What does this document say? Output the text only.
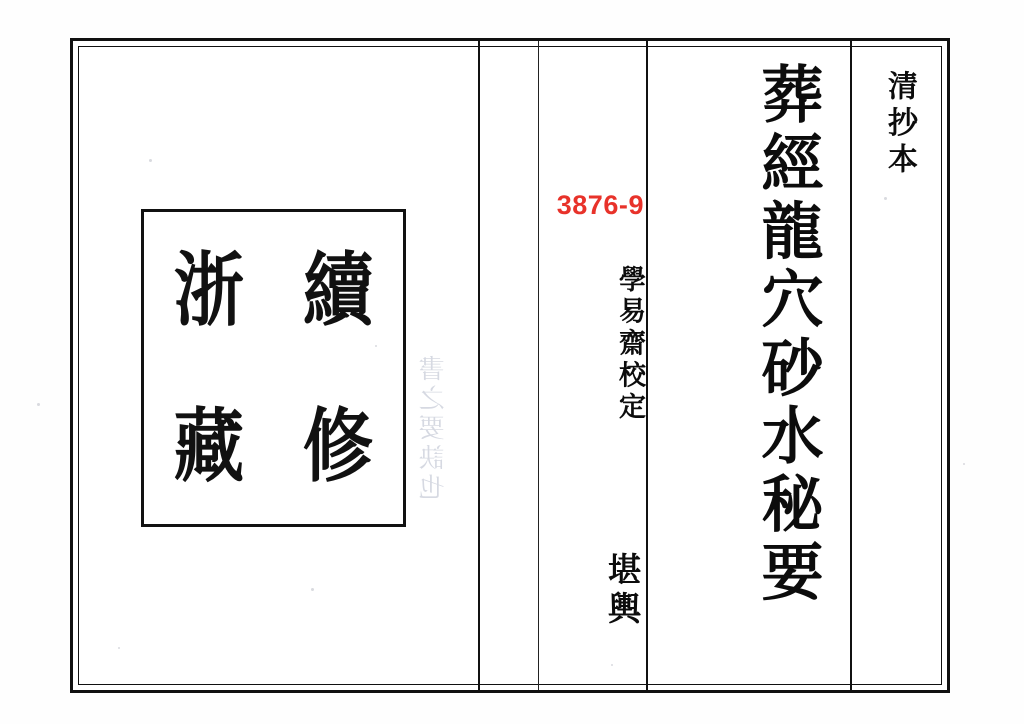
葬經龍穴砂水秘要 清抄本
學易齋校定
堪輿
3876-9
續
修
浙
藏	書之要訣也
